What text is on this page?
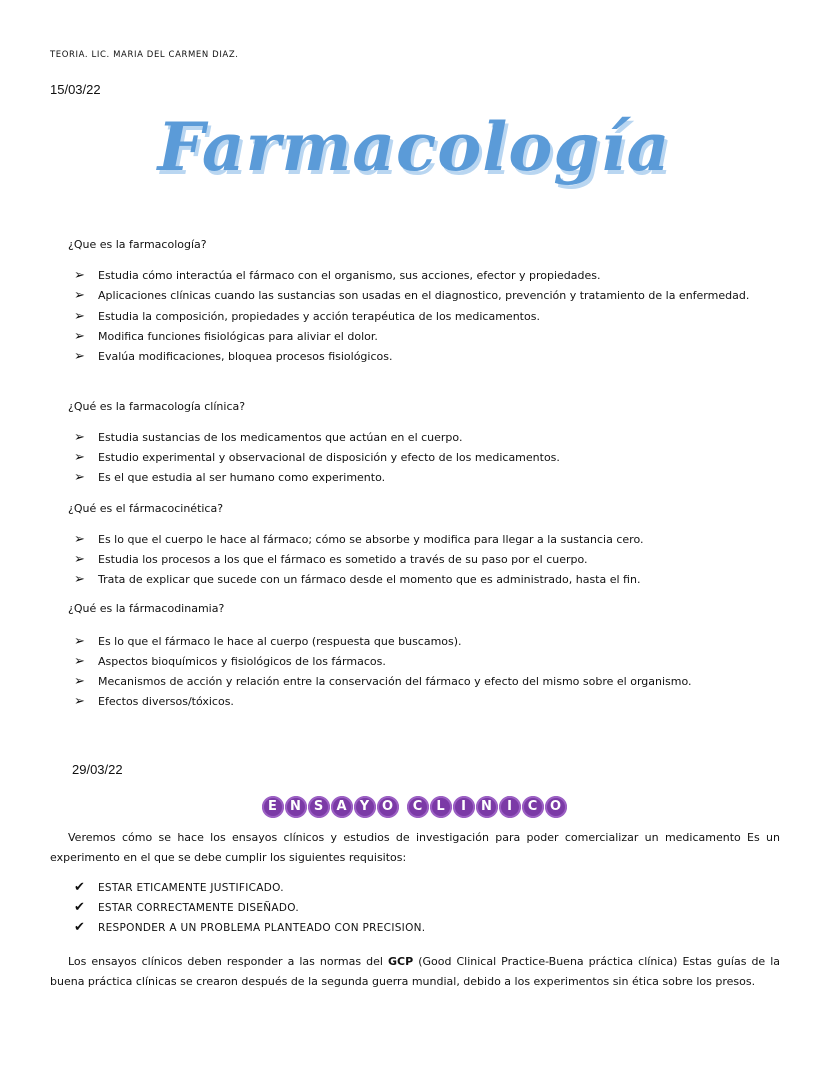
TEORIA. LIC. MARIA DEL CARMEN DIAZ.
15/03/22
Farmacología
¿Que es la farmacología?
➢ Estudia cómo interactúa el fármaco con el organismo, sus acciones, efector y propiedades.
➢ Aplicaciones clínicas cuando las sustancias son usadas en el diagnostico, prevención y tratamiento de la enfermedad.
➢ Estudia la composición, propiedades y acción terapéutica de los medicamentos.
➢ Modifica funciones fisiológicas para aliviar el dolor.
➢ Evalúa modificaciones, bloquea procesos fisiológicos.
¿Qué es la farmacología clínica?
➢ Estudia sustancias de los medicamentos que actúan en el cuerpo.
➢ Estudio experimental y observacional de disposición y efecto de los medicamentos.
➢ Es el que estudia al ser humano como experimento.
¿Qué es el fármacocinética?
➢ Es lo que el cuerpo le hace al fármaco; cómo se absorbe y modifica para llegar a la sustancia cero.
➢ Estudia los procesos a los que el fármaco es sometido a través de su paso por el cuerpo.
➢ Trata de explicar que sucede con un fármaco desde el momento que es administrado, hasta el fin.
¿Qué es la fármacodinamia?
➢ Es lo que el fármaco le hace al cuerpo (respuesta que buscamos).
➢ Aspectos bioquímicos y fisiológicos de los fármacos.
➢ Mecanismos de acción y relación entre la conservación del fármaco y efecto del mismo sobre el organismo.
➢ Efectos diversos/tóxicos.
29/03/22
E N S A Y O C L I N I C O
Veremos cómo se hace los ensayos clínicos y estudios de investigación para poder comercializar un medicamento Es un experimento en el que se debe cumplir los siguientes requisitos:
✔ ESTAR ETICAMENTE JUSTIFICADO.
✔ ESTAR CORRECTAMENTE DISEÑADO.
✔ RESPONDER A UN PROBLEMA PLANTEADO CON PRECISION.
Los ensayos clínicos deben responder a las normas del GCP (Good Clinical Practice-Buena práctica clínica) Estas guías de la buena práctica clínicas se crearon después de la segunda guerra mundial, debido a los experimentos sin ética sobre los presos.
